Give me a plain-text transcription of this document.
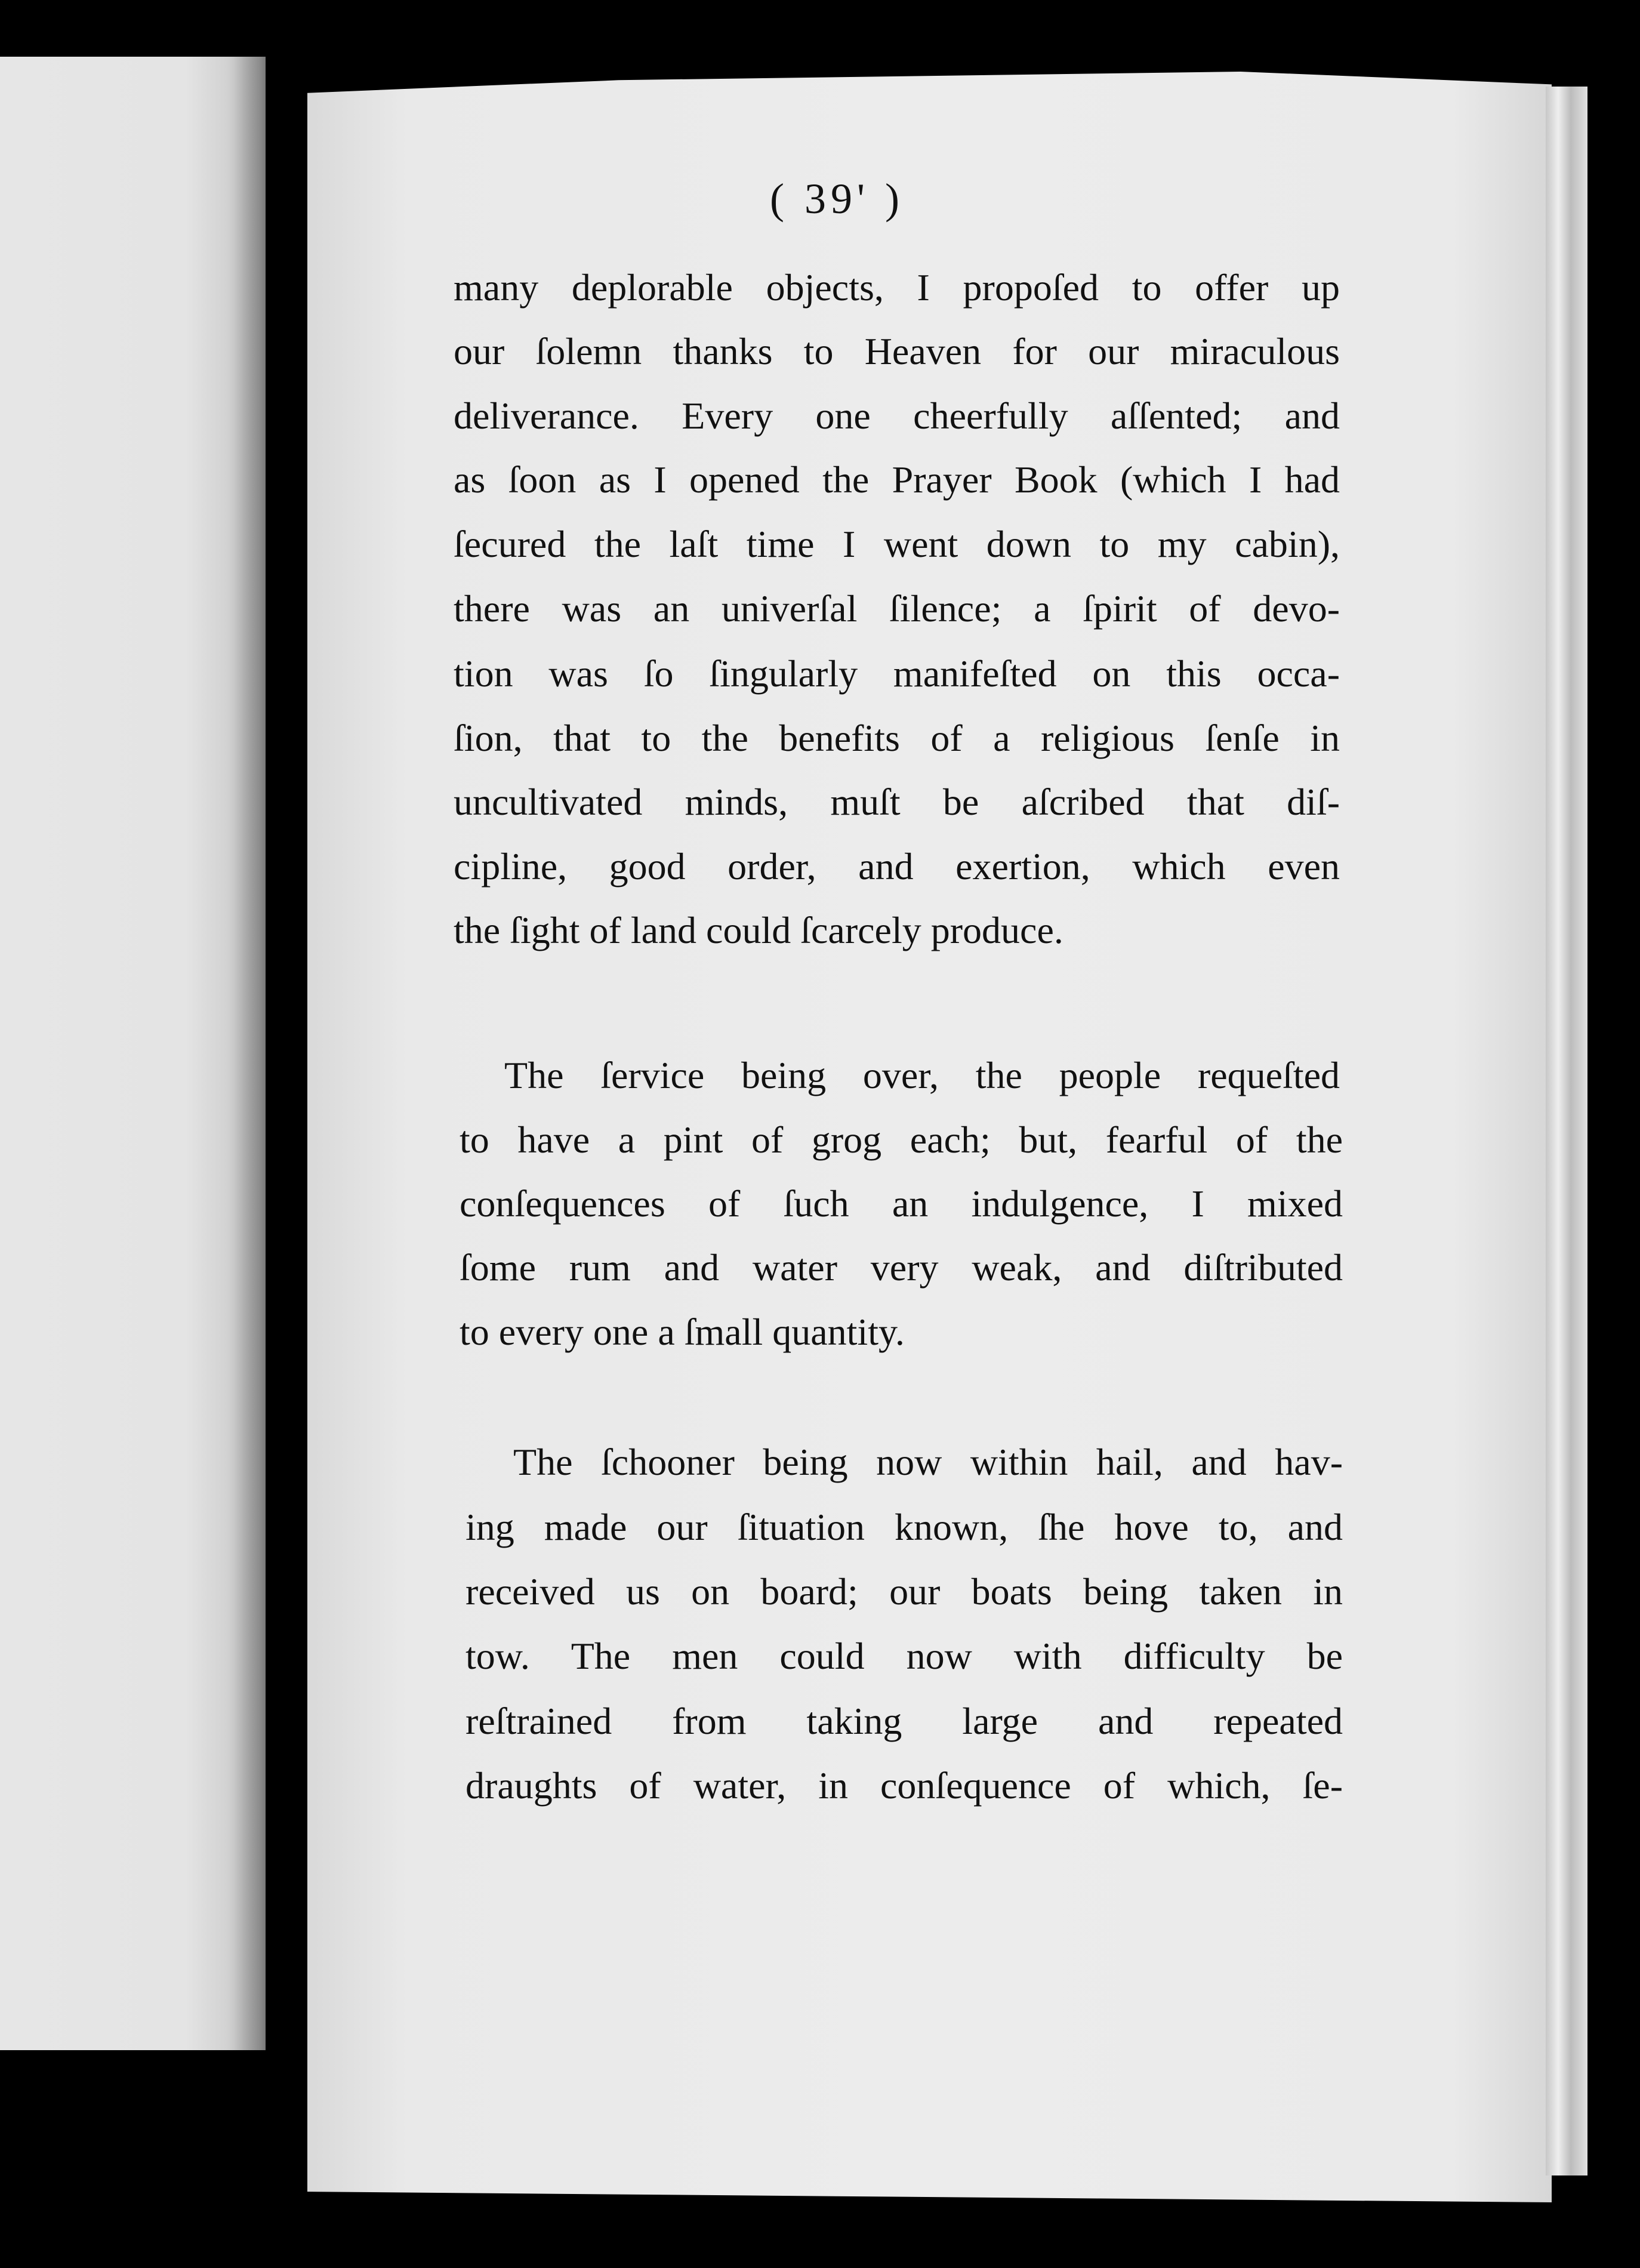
( 39' )
many deplorable objects, I propoſed to offer up
our ſolemn thanks to Heaven for our miraculous
deliverance. Every one cheerfully aſſented; and
as ſoon as I opened the Prayer Book (which I had
ſecured the laſt time I went down to my cabin),
there was an univerſal ſilence; a ſpirit of devo-
tion was ſo ſingularly manifeſted on this occa-
ſion, that to the benefits of a religious ſenſe in
uncultivated minds, muſt be aſcribed that diſ-
cipline, good order, and exertion, which even
the ſight of land could ſcarcely produce.
The ſervice being over, the people requeſted
to have a pint of grog each; but, fearful of the
conſequences of ſuch an indulgence, I mixed
ſome rum and water very weak, and diſtributed
to every one a ſmall quantity.
The ſchooner being now within hail, and hav-
ing made our ſituation known, ſhe hove to, and
received us on board; our boats being taken in
tow. The men could now with difficulty be
reſtrained from taking large and repeated
draughts of water, in conſequence of which, ſe-
